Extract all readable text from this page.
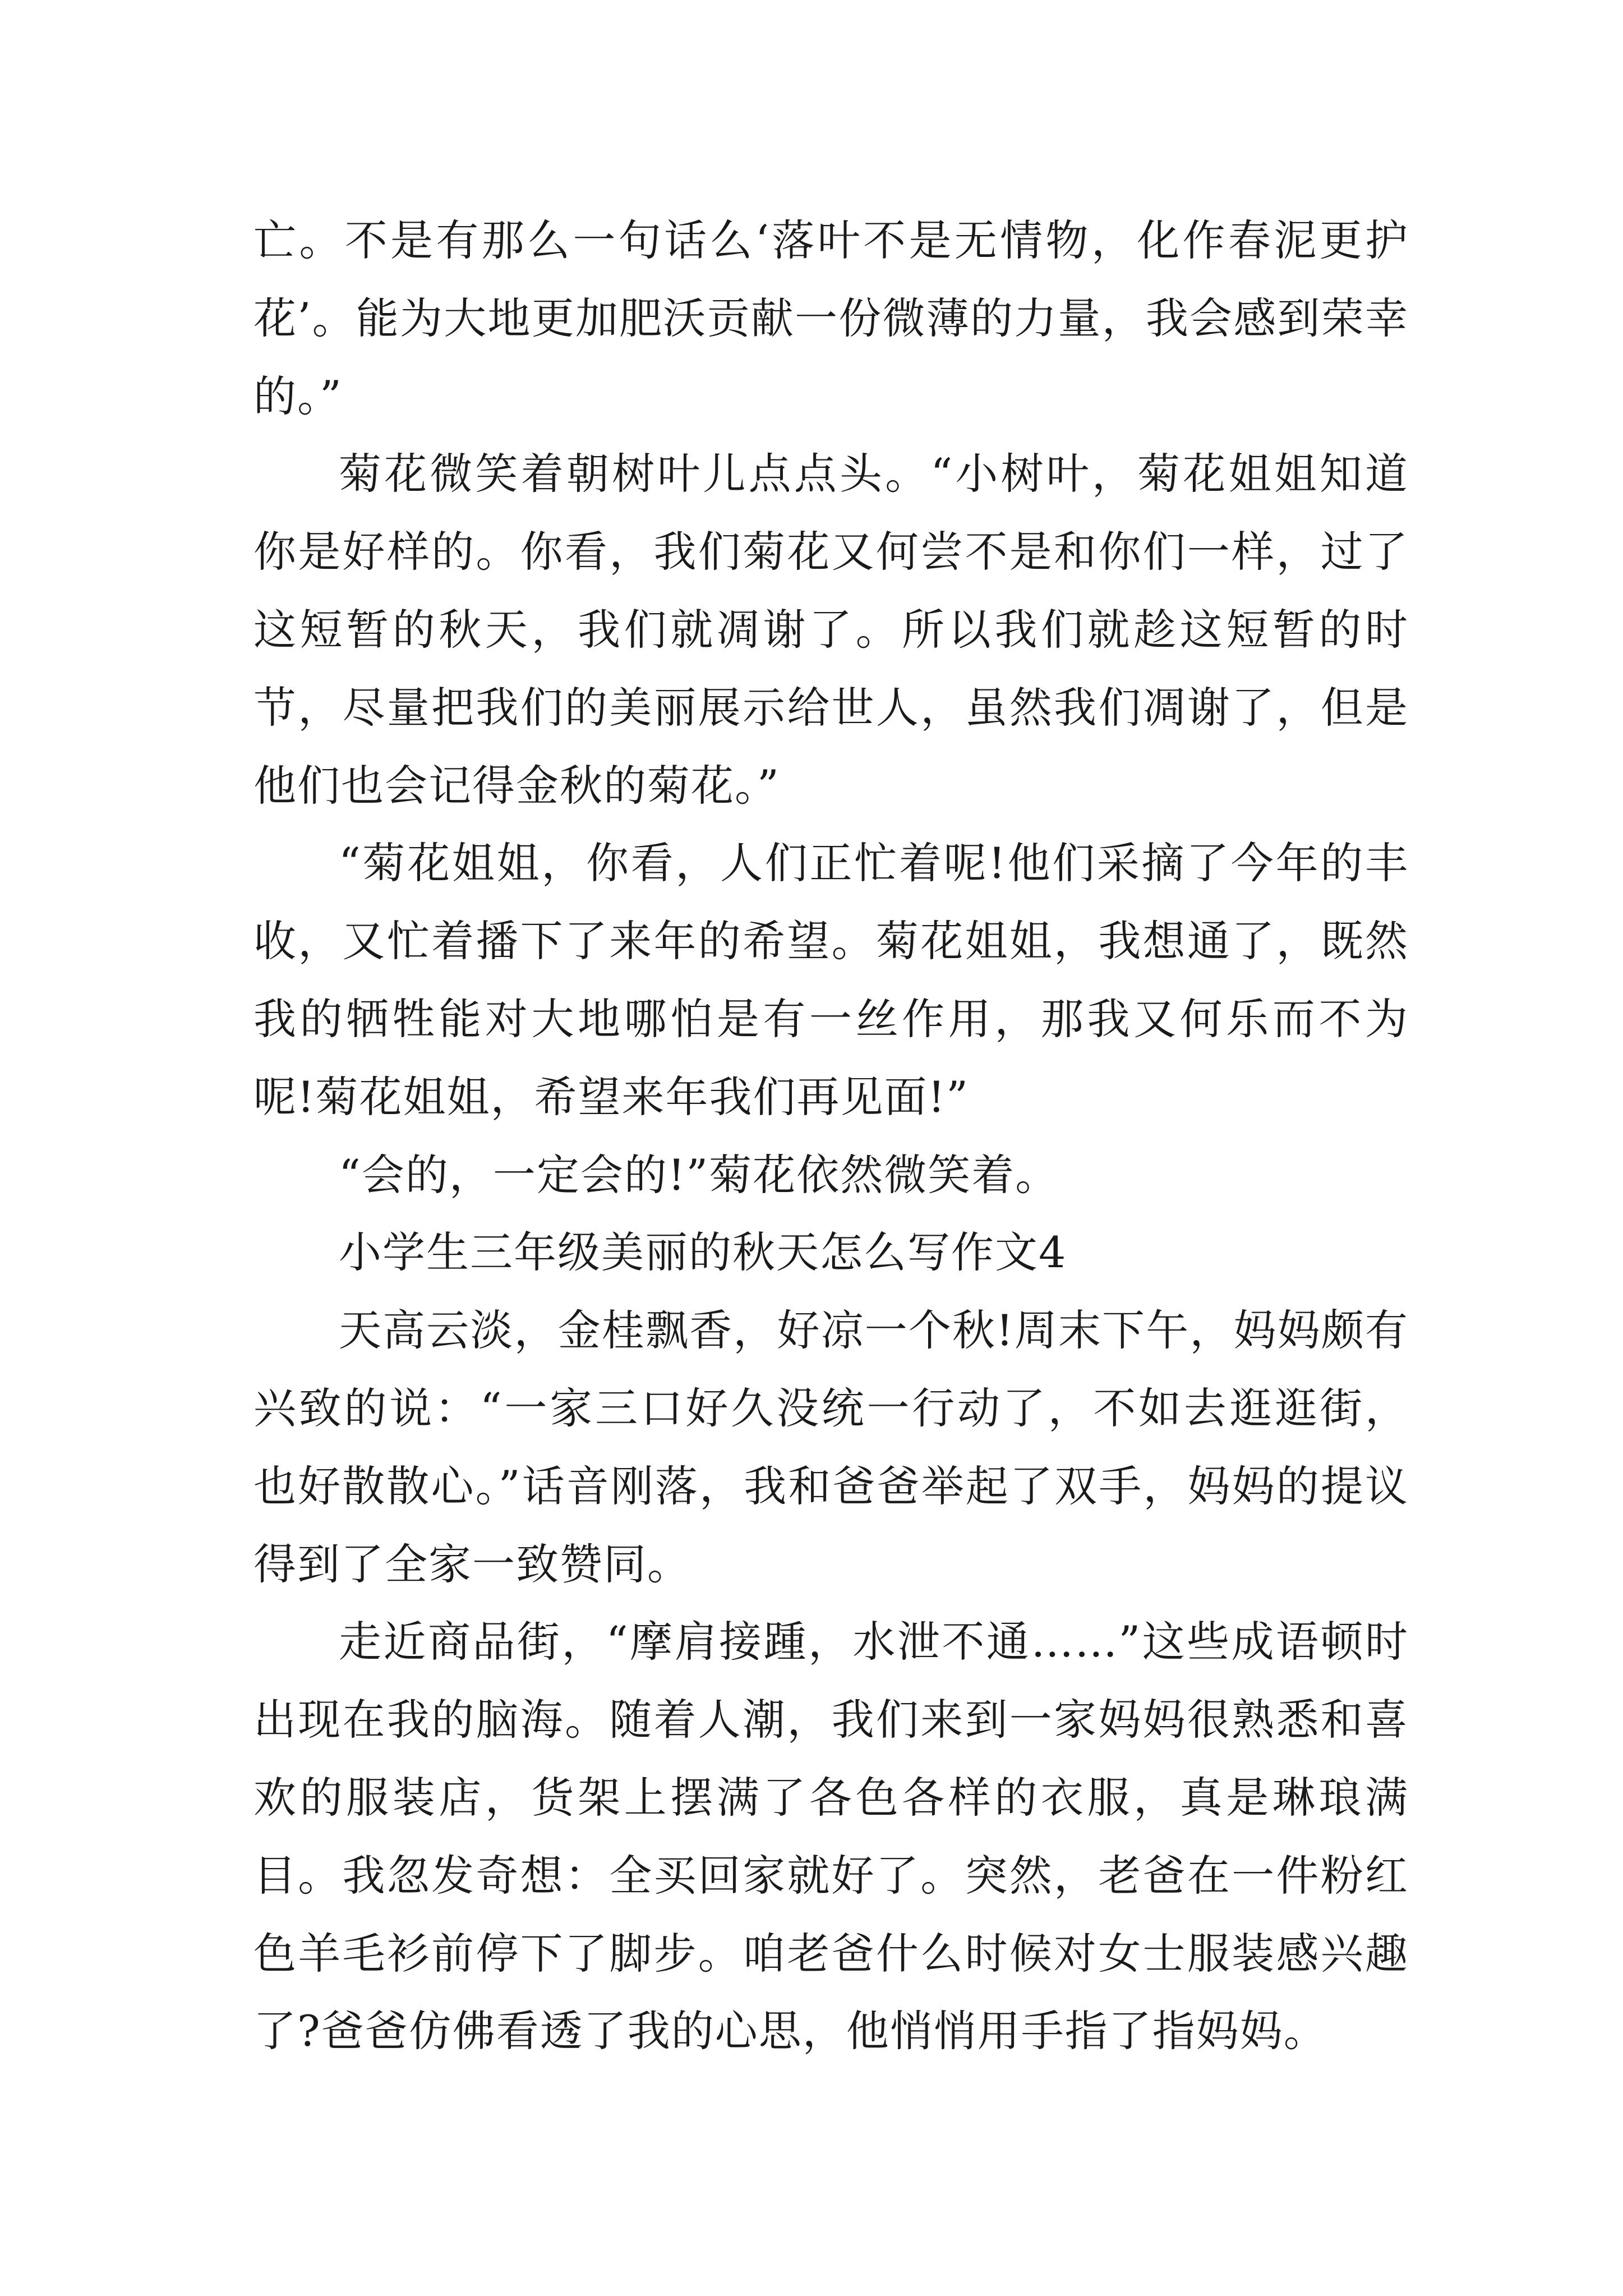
亡。不是有那么一句话么‘落叶不是无情物，化作春泥更护花’。能为大地更加肥沃贡献一份微薄的力量，我会感到荣幸的。”

菊花微笑着朝树叶儿点点头。“小树叶，菊花姐姐知道你是好样的。你看，我们菊花又何尝不是和你们一样，过了这短暂的秋天，我们就凋谢了。所以我们就趁这短暂的时节，尽量把我们的美丽展示给世人，虽然我们凋谢了，但是他们也会记得金秋的菊花。”

“菊花姐姐，你看，人们正忙着呢!他们采摘了今年的丰收，又忙着播下了来年的希望。菊花姐姐，我想通了，既然我的牺牲能对大地哪怕是有一丝作用，那我又何乐而不为呢!菊花姐姐，希望来年我们再见面!”

“会的，一定会的!”菊花依然微笑着。

小学生三年级美丽的秋天怎么写作文4

天高云淡，金桂飘香，好凉一个秋!周末下午，妈妈颇有兴致的说：“一家三口好久没统一行动了，不如去逛逛街，也好散散心。”话音刚落，我和爸爸举起了双手，妈妈的提议得到了全家一致赞同。

走近商品街，“摩肩接踵，水泄不通……”这些成语顿时出现在我的脑海。随着人潮，我们来到一家妈妈很熟悉和喜欢的服装店，货架上摆满了各色各样的衣服，真是琳琅满目。我忽发奇想：全买回家就好了。突然，老爸在一件粉红色羊毛衫前停下了脚步。咱老爸什么时候对女士服装感兴趣了?爸爸仿佛看透了我的心思，他悄悄用手指了指妈妈。
